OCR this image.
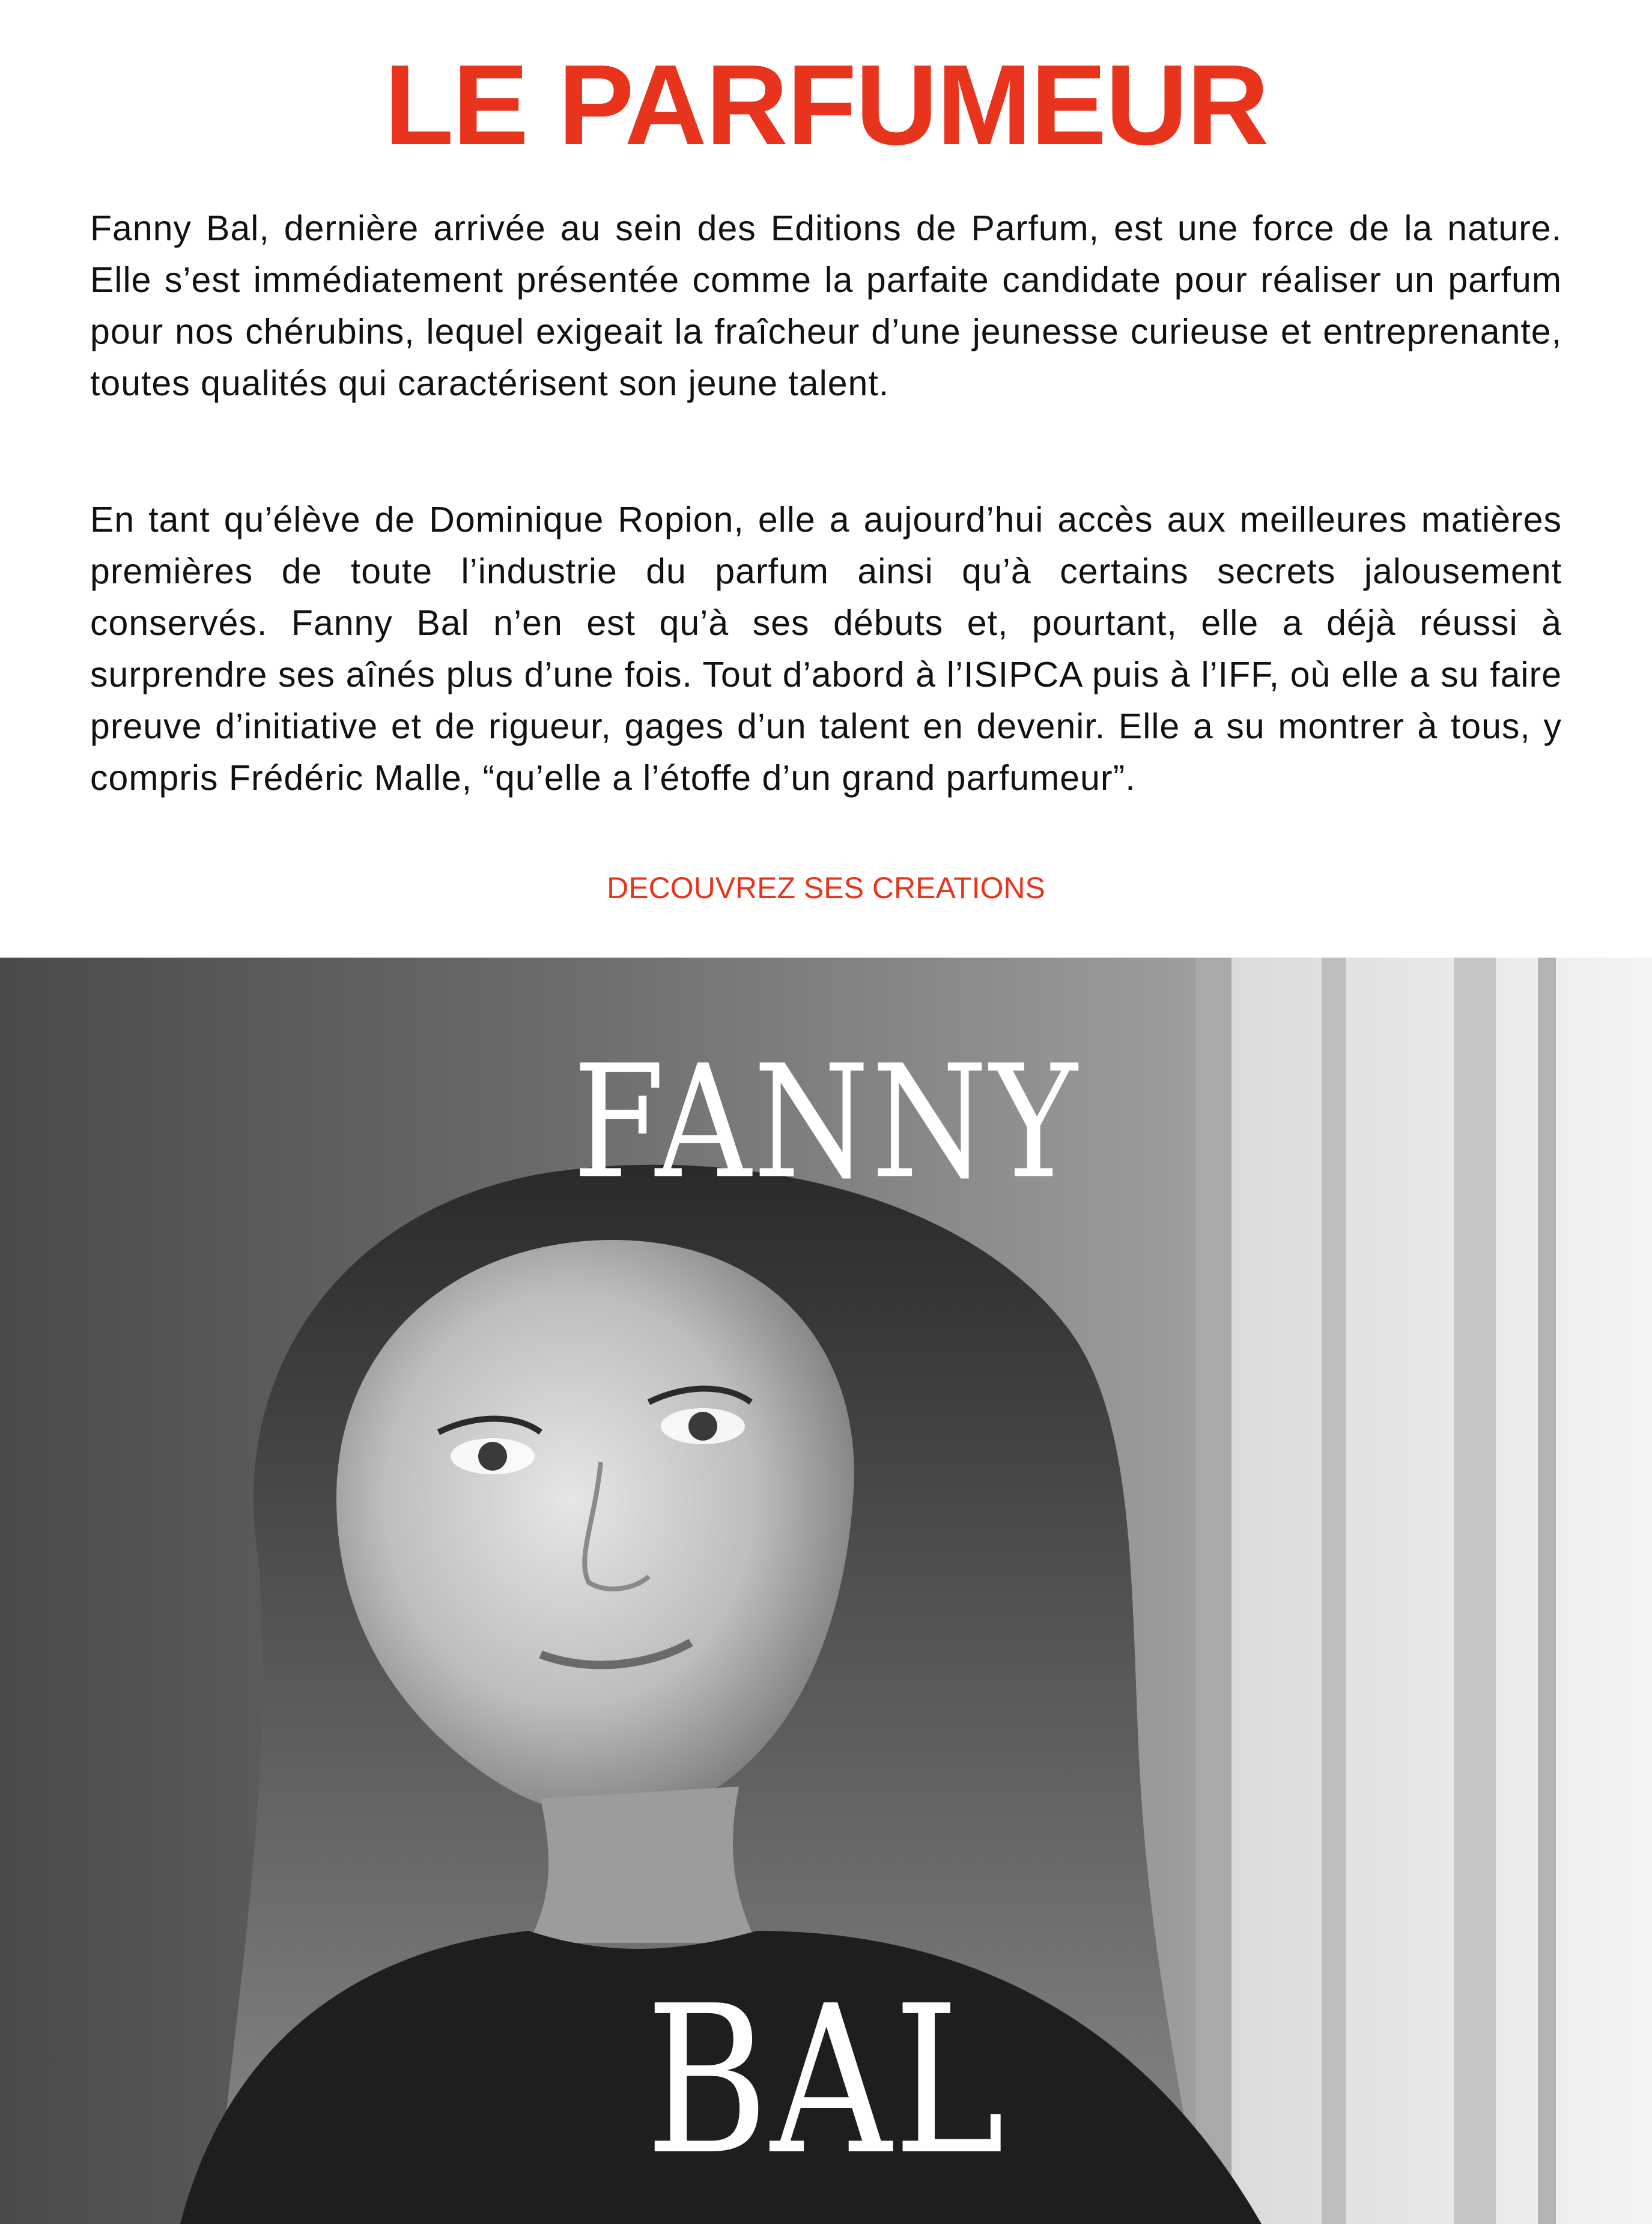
LE PARFUMEUR

Fanny Bal, dernière arrivée au sein des Editions de Parfum, est une force de la nature. Elle s’est immédiatement présentée comme la parfaite candidate pour réaliser un parfum pour nos chérubins, lequel exigeait la fraîcheur d’une jeunesse curieuse et entreprenante, toutes qualités qui caractérisent son jeune talent.

En tant qu’élève de Dominique Ropion, elle a aujourd’hui accès aux meilleures matières premières de toute l’industrie du parfum ainsi qu’à certains secrets jalousement conservés. Fanny Bal n’en est qu’à ses débuts et, pourtant, elle a déjà réussi à surprendre ses aînés plus d’une fois. Tout d’abord à l’ISIPCA puis à l’IFF, où elle a su faire preuve d’initiative et de rigueur, gages d’un talent en devenir. Elle a su montrer à tous, y compris Frédéric Malle, “qu’elle a l’étoffe d’un grand parfumeur”.

DECOUVREZ SES CREATIONS
FANNY
BAL
